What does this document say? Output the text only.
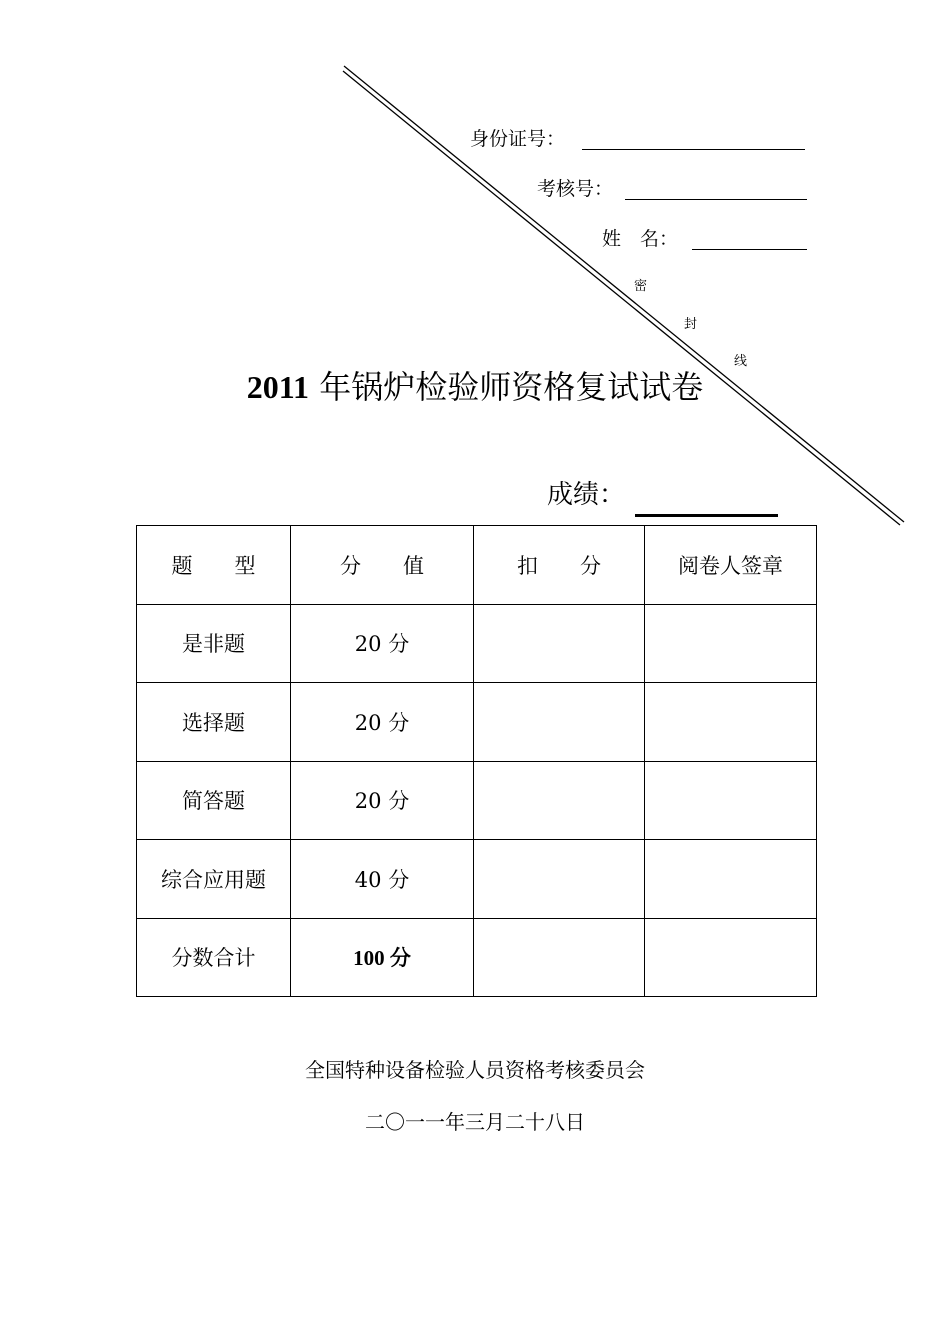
身份证号：
考核号：
姓　名：
密
封
线
2011 年锅炉检验师资格复试试卷
成绩：
题　　型	分　　值	扣　　分	阅卷人签章
是非题	20 分		
选择题	20 分		
简答题	20 分		
综合应用题	40 分		
分数合计	100 分		
全国特种设备检验人员资格考核委员会
二〇一一年三月二十八日
